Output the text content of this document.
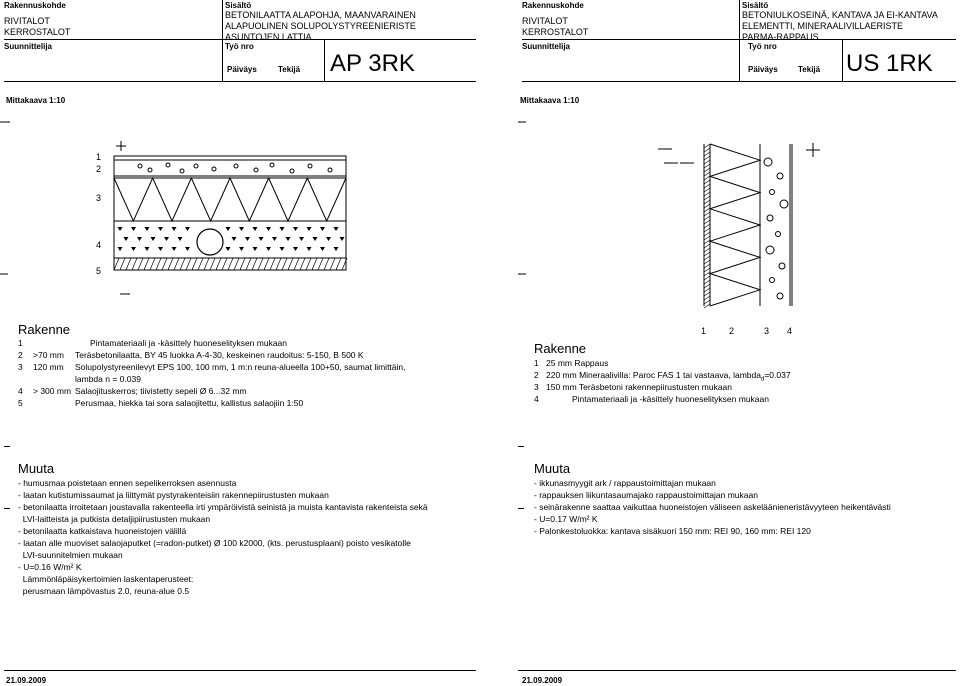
Rakennuskohde
RIVITALOT
KERROSTALOT
Suunnittelija
Sisältö
BETONILAATTA ALAPOHJA, MAANVARAINEN
ALAPUOLINEN SOLUPOLYSTYREENIERISTE
ASUNTOJEN LATTIA
Työ nro
Päiväys	Tekijä AP 3RK
Mittakaava 1:10
1
2
3
4
5
Rakenne
1	Pintamateriaali ja -käsittely huoneselityksen mukaan
2 >70 mm Teräsbetonilaatta, BY 45 luokka A-4-30, keskeinen raudoitus: 5-150, B 500 K
3 120 mm Solupolystyreenilevyt EPS 100, 100 mm, 1 m:n reuna-alueella 100+50, saumat limittäin,
lambda n = 0.039
4 > 300 mm Salaojituskerros; tiivistetty sepeli Ø 6...32 mm
5	Perusmaa, hiekka tai sora salaojitettu, kallistus salaojiin 1:50
Muuta
- humusmaa poistetaan ennen sepelikerroksen asennusta
- laatan kutistumissaumat ja liittymät pystyrakenteisiin rakennepiirustusten mukaan
- betonilaatta irroitetaan joustavalla rakenteella irti ympäröivistä seinistä ja muista kantavista rakenteista sekä
LVI-laitteista ja putkista detaljipiirustusten mukaan
- betonilaatta katkaistava huoneistojen välillä
- laatan alle muoviset salaojaputket (=radon-putket) Ø 100 k2000, (kts. perustusplaani) poisto vesikatolle
LVI-suunnitelmien mukaan
- U=0.16 W/m² K
Lämmönläpäisykertoimien laskentaperusteet:
perusmaan lämpövastus 2.0, reuna-alue 0.5
21.09.2009
Rakennuskohde
RIVITALOT
KERROSTALOT
Suunnittelija
Sisältö
BETONIULKOSEINÄ, KANTAVA JA EI-KANTAVA
ELEMENTTI, MINERAALIVILLAERISTE
PARMA-RAPPAUS
Työ nro
Päiväys	Tekijä US 1RK
Mittakaava 1:10
1	2	3 4
Rakenne
1 25 mm Rappaus
2 220 mm Mineraalivilla: Paroc FAS 1 tai vastaava, lambda$_d$=0.037
3 150 mm Teräsbetoni rakennepiirustusten mukaan
4 Pintamateriaali ja -käsittely huoneselityksen mukaan
Muuta
- ikkunasmyygit ark / rappaustoimittajan mukaan
- rappauksen liikuntasaumajako rappaustoimittajan mukaan
- seinärakenne saattaa vaikuttaa huoneistojen väliseen askeläänieneristävyyteen heikentävästi
- U=0.17 W/m² K
- Palonkestoluokka: kantava sisäkuori 150 mm: REI 90, 160 mm: REI 120
21.09.2009
